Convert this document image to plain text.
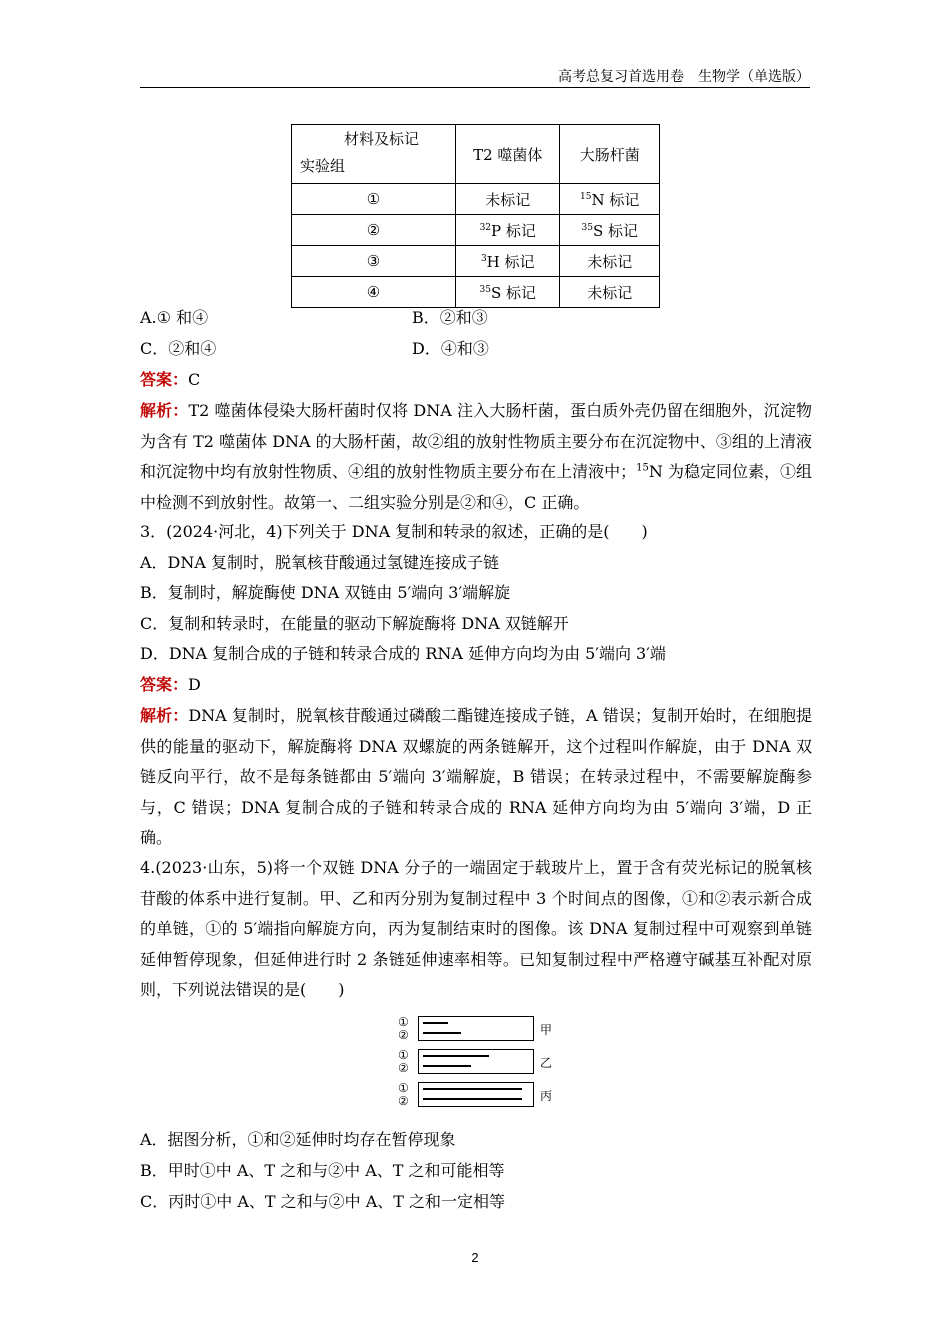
高考总复习首选用卷　生物学（单选版）
材料及标记
实验组	T2 噬菌体	大肠杆菌
①	未标记	$^{15}$N 标记
②	$^{32}$P 标记	$^{35}$S 标记
③	$^3$H 标记	未标记
④	$^{35}$S 标记	未标记
A.① 和④	B．②和③
C．②和④	D．④和③
答案：C

解析：T2 噬菌体侵染大肠杆菌时仅将 DNA 注入大肠杆菌，蛋白质外壳仍留在细胞外，沉淀物为含有 T2 噬菌体 DNA 的大肠杆菌，故②组的放射性物质主要分布在沉淀物中、③组的上清液和沉淀物中均有放射性物质、④组的放射性物质主要分布在上清液中；$^{15}$N 为稳定同位素，①组中检测不到放射性。故第一、二组实验分别是②和④，C 正确。

3．(2024·河北，4)下列关于 DNA 复制和转录的叙述，正确的是(　　)
A．DNA 复制时，脱氧核苷酸通过氢键连接成子链
B．复制时，解旋酶使 DNA 双链由 5′端向 3′端解旋
C．复制和转录时，在能量的驱动下解旋酶将 DNA 双链解开
D．DNA 复制合成的子链和转录合成的 RNA 延伸方向均为由 5′端向 3′端
答案：D

解析：DNA 复制时，脱氧核苷酸通过磷酸二酯键连接成子链，A 错误；复制开始时，在细胞提供的能量的驱动下，解旋酶将 DNA 双螺旋的两条链解开，这个过程叫作解旋，由于 DNA 双链反向平行，故不是每条链都由 5′端向 3′端解旋，B 错误；在转录过程中，不需要解旋酶参与，C 错误；DNA 复制合成的子链和转录合成的 RNA 延伸方向均为由 5′端向 3′端，D 正确。

4.(2023·山东，5)将一个双链 DNA 分子的一端固定于载玻片上，置于含有荧光标记的脱氧核苷酸的体系中进行复制。甲、乙和丙分别为复制过程中 3 个时间点的图像，①和②表示新合成的单链，①的 5′端指向解旋方向，丙为复制结束时的图像。该 DNA 复制过程中可观察到单链延伸暂停现象，但延伸进行时 2 条链延伸速率相等。已知复制过程中严格遵守碱基互补配对原则，下列说法错误的是(　　)

①
②	甲
①
②	乙
①
②	丙
A．据图分析，①和②延伸时均存在暂停现象
B．甲时①中 A、T 之和与②中 A、T 之和可能相等
C．丙时①中 A、T 之和与②中 A、T 之和一定相等
2
